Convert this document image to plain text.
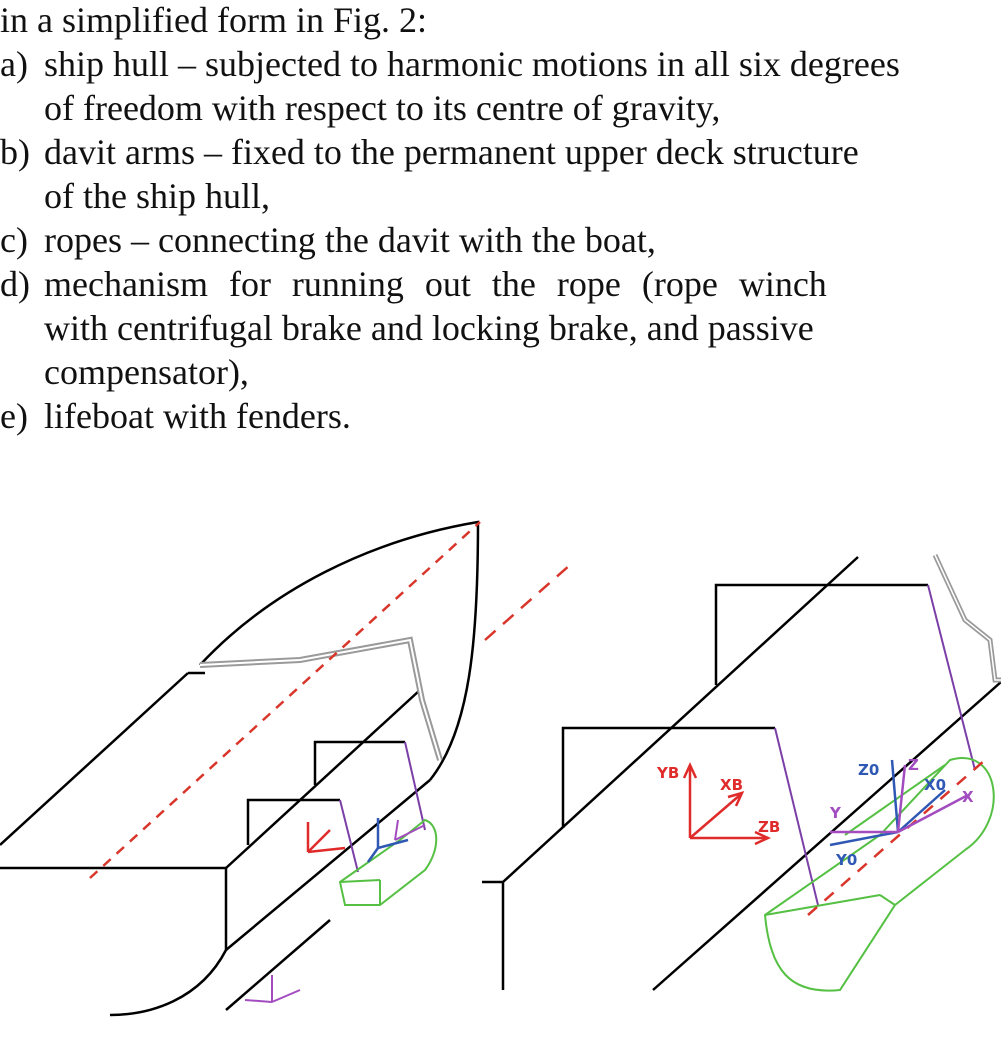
in a simplified form in Fig. 2:
a) ship hull – subjected to harmonic motions in all six degrees
of freedom with respect to its centre of gravity,
b) davit arms – fixed to the permanent upper deck structure
of the ship hull,
c) ropes – connecting the davit with the boat,
d) mechanism for running out the rope (rope winch
with centrifugal brake and locking brake, and passive
compensator),
e) lifeboat with fenders.
YB
XB
ZB
Z0 Z
X0
X
Y
Y0
